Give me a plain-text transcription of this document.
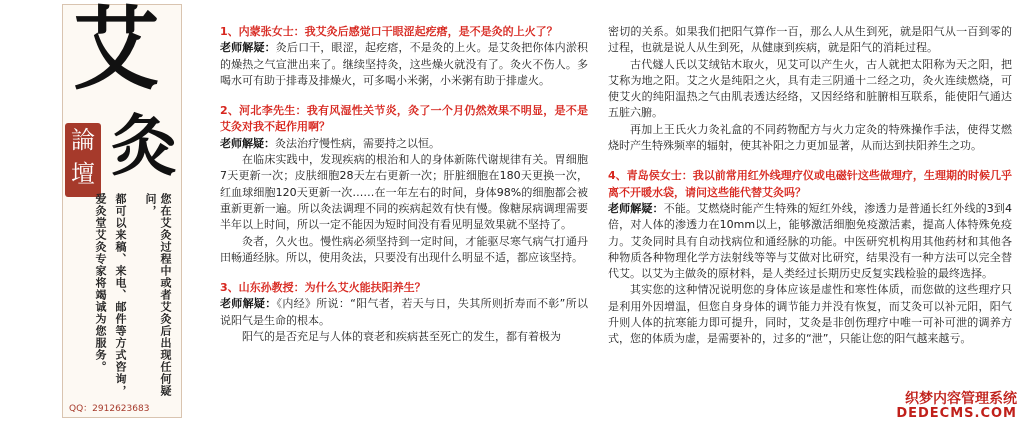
艾
論
壇 灸
您在艾灸过程中或者艾灸后出现任何疑问，
都可以来稿、来电、邮件等方式咨询，
爱灸堂艾灸专家将竭诚为您服务。
QQ：2912623683

1、内蒙张女士：我艾灸后感觉口干眼涩起疙瘩，是不是灸的上火了？

老师解疑：灸后口干，眼涩，起疙瘩，不是灸的上火。是艾灸把你体内淤积的燥热之气宣泄出来了。继续坚持灸，这些燥火就没有了。灸火不伤人。多喝水可有助于排毒及排燥火，可多喝小米粥，小米粥有助于排虚火。

2、河北李先生：我有风湿性关节炎，灸了一个月仍然效果不明显，是不是艾灸对我不起作用啊？

老师解疑：灸法治疗慢性病，需要持之以恒。

在临床实践中，发现疾病的根治和人的身体新陈代谢规律有关。胃细胞7天更新一次；皮肤细胞28天左右更新一次；肝脏细胞在180天更换一次，红血球细胞120天更新一次……在一年左右的时间，身体98%的细胞都会被重新更新一遍。所以灸法调理不同的疾病起效有快有慢。像糖尿病调理需要半年以上时间，所以一定不能因为短时间没有看见明显效果就不坚持了。

灸者，久火也。慢性病必须坚持到一定时间，才能驱尽寒气病气打通丹田畅通经脉。所以，使用灸法，只要没有出现什么明显不适，都应该坚持。

3、山东孙教授：为什么艾火能扶阳养生？

老师解疑：《内经》所说：“阳气者，若天与日，失其所则折寿而不彰”所以说阳气是生命的根本。

阳气的是否充足与人体的衰老和疾病甚至死亡的发生，都有着极为

密切的关系。如果我们把阳气算作一百，那么人从生到死，就是阳气从一百到零的过程，也就是说人从生到死，从健康到疾病，就是阳气的消耗过程。

古代燧人氏以艾绒钻木取火，见艾可以产生火，古人就把太阳称为天之阳，把艾称为地之阳。艾之火是纯阳之火，具有走三阴通十二经之功，灸火连续燃烧，可使艾火的纯阳温热之气由肌表透达经络，又因经络和脏腑相互联系，能使阳气通达五脏六腑。

再加上王氏火力灸礼盒的不同药物配方与火力定灸的特殊操作手法，使得艾燃烧时产生特殊频率的辐射，使其补阳之力更加显著，从而达到扶阳养生之功。

4、青岛侯女士：我以前常用红外线理疗仪或电磁针这些做理疗，生理期的时候几乎离不开暖水袋，请问这些能代替艾灸吗？

老师解疑：不能。艾燃烧时能产生特殊的短红外线，渗透力是普通长红外线的3到4倍，对人体的渗透力在10mm以上，能够激活细胞免疫激活素，提高人体特殊免疫力。艾灸同时具有自动找病位和通经脉的功能。中医研究机构用其他药材和其他各种物质各种物理化学方法射线等等与艾做对比研究，结果没有一种方法可以完全替代艾。以艾为主做灸的原材料，是人类经过长期历史反复实践检验的最终选择。

其实您的这种情况说明您的身体应该是虚性和寒性体质，而您做的这些理疗只是利用外因增温，但您自身身体的调节能力并没有恢复，而艾灸可以补元阳，阳气升则人体的抗寒能力即可提升，同时，艾灸是非创伤理疗中唯一可补可泄的调养方式，您的体质为虚，是需要补的，过多的“泄”，只能让您的阳气越来越亏。

织梦内容管理系统
DEDECMS.COM
